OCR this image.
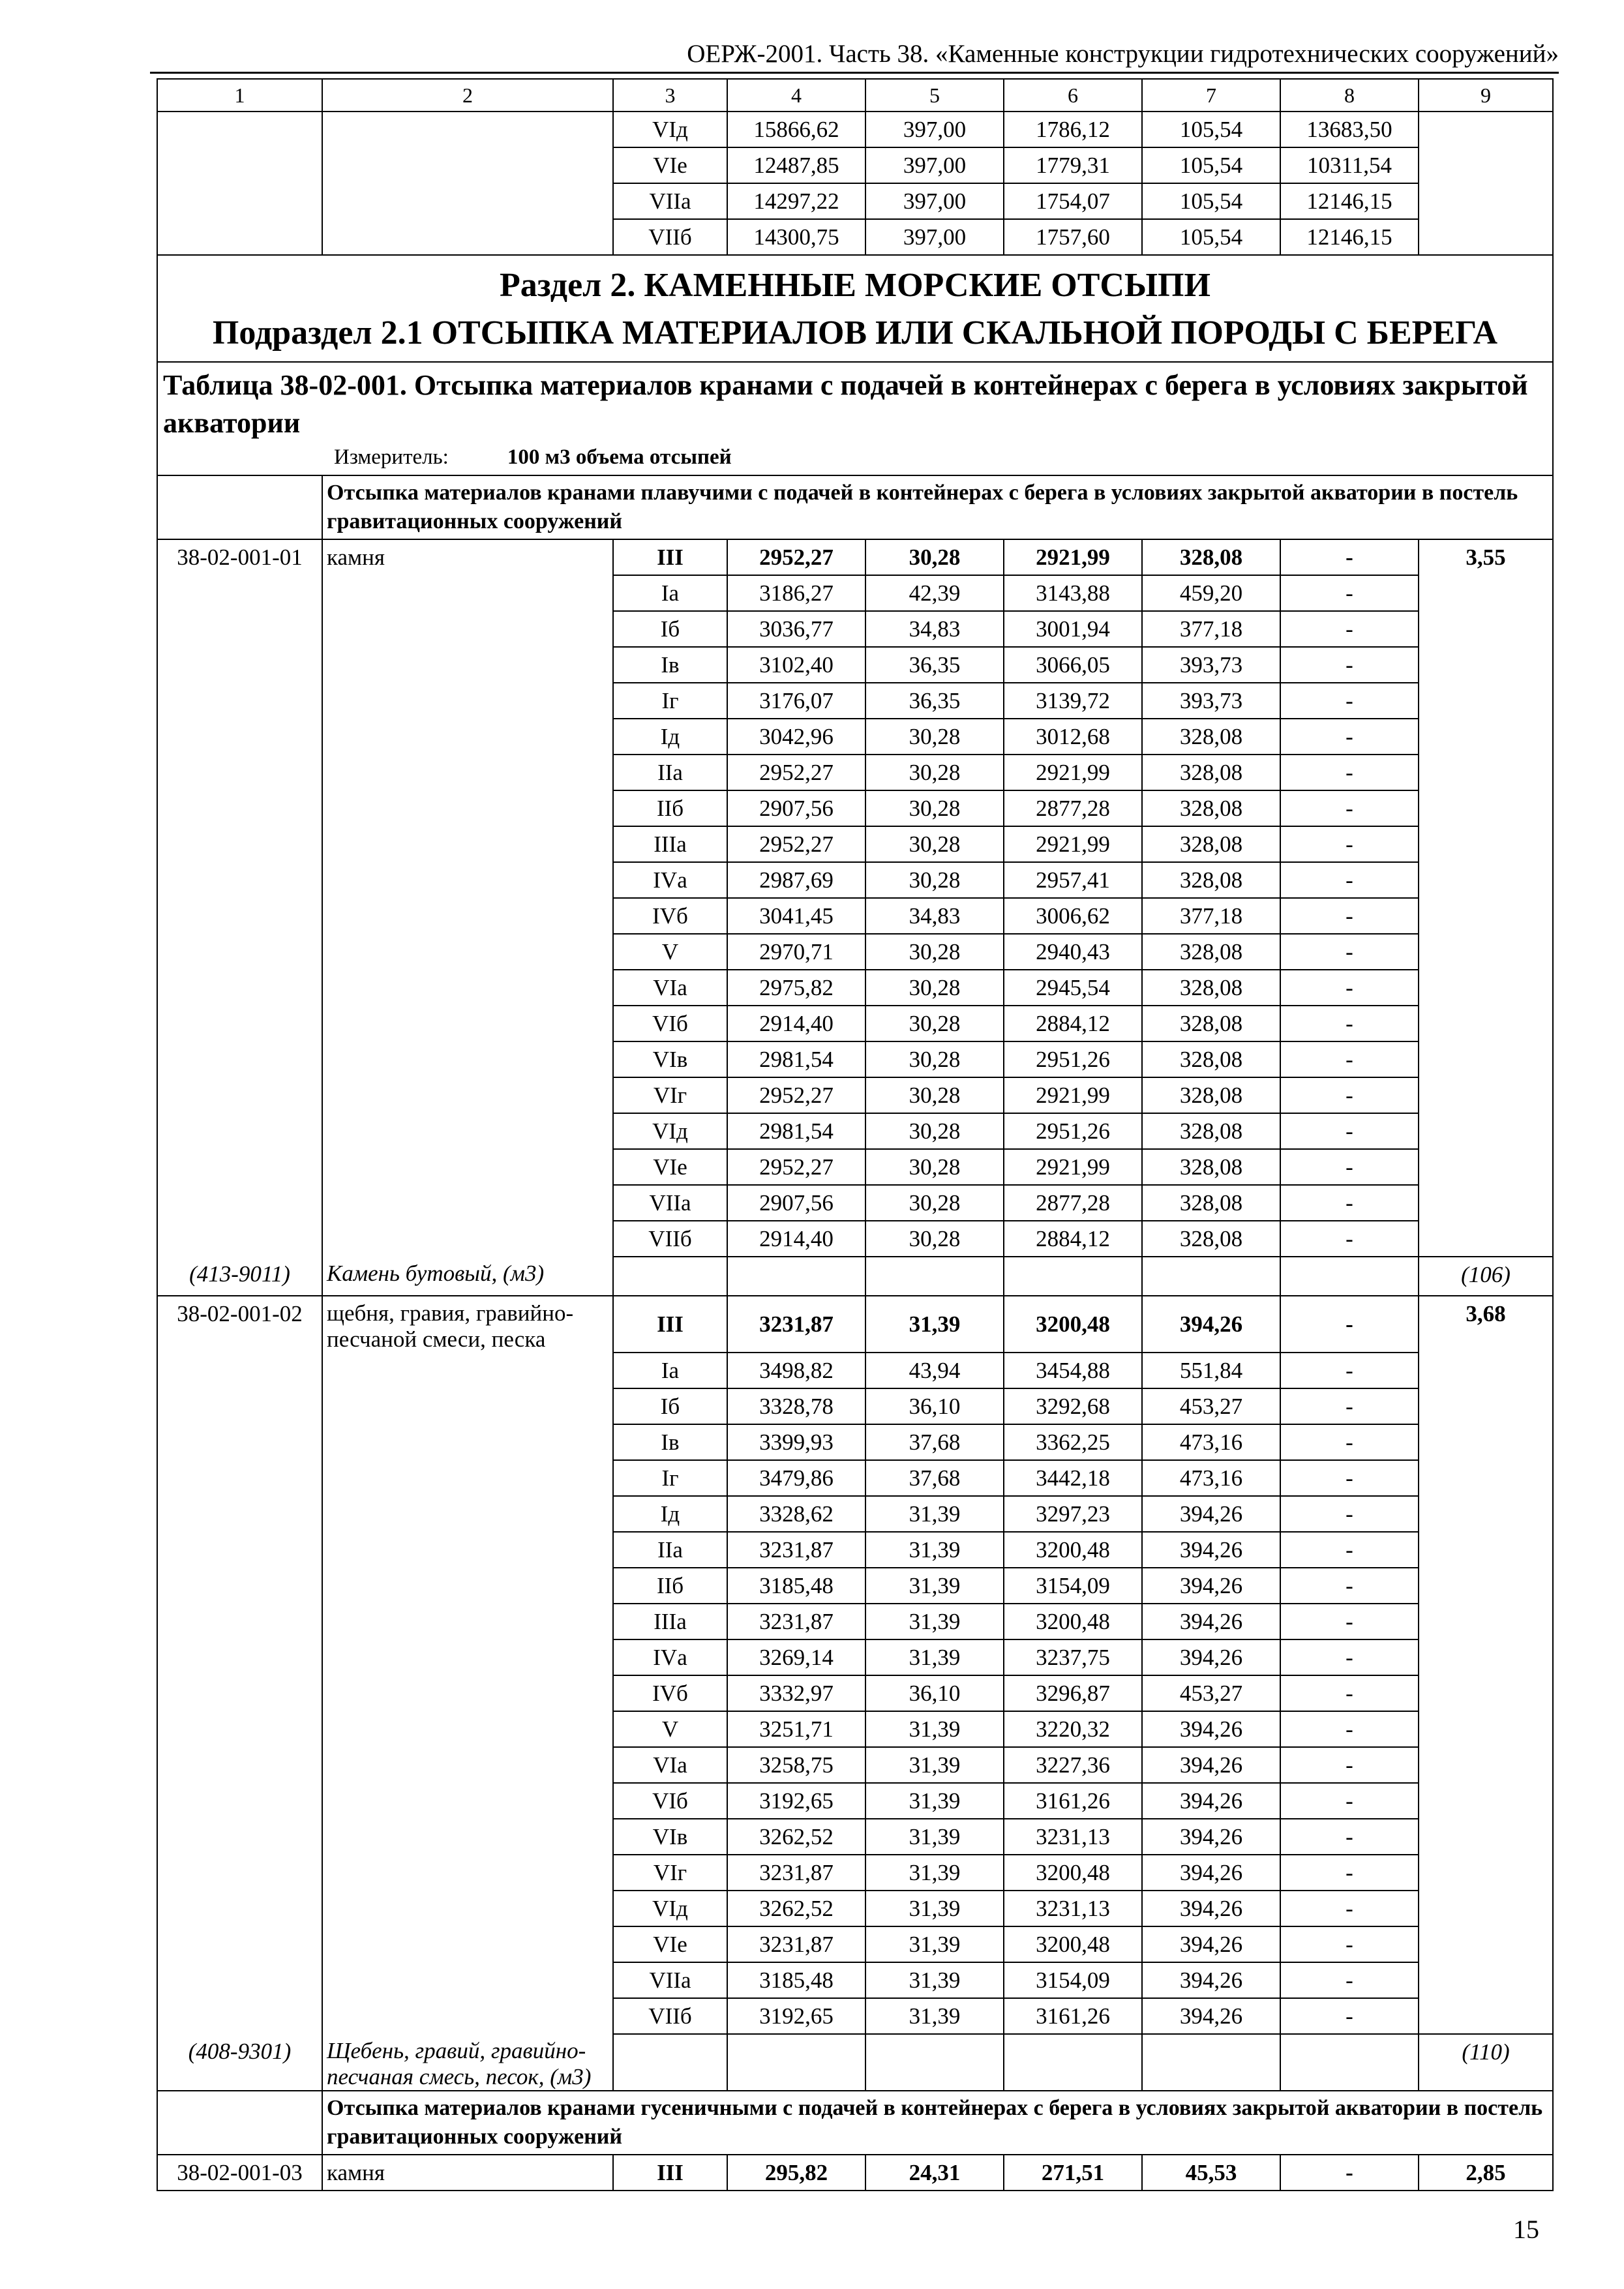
ОЕРЖ-2001. Часть 38. «Каменные конструкции гидротехнических сооружений»
1	2	3	4	5	6	7	8	9	
		VIд	15866,62	397,00	1786,12	105,54	13683,50		
		VIе	12487,85	397,00	1779,31	105,54	10311,54		
		VIIа	14297,22	397,00	1754,07	105,54	12146,15		
		VIIб	14300,75	397,00	1757,60	105,54	12146,15		

Раздел 2. КАМЕННЫЕ МОРСКИЕ ОТСЫПИ
Подраздел 2.1 ОТСЫПКА МАТЕРИАЛОВ ИЛИ СКАЛЬНОЙ ПОРОДЫ С БЕРЕГА									

Таблица 38-02-001. Отсыпка материалов кранами с подачей в контейнерах с берега в условиях закрытой акватории
Измеритель: 100 м3 объема отсыпей									

	Отсыпка материалов кранами плавучими с подачей в контейнерах с берега в условиях закрытой акватории в постель гравитационных сооружений								
38-02-001-01	камня	III	2952,27	30,28	2921,99	328,08	-	3,55	
		Iа	3186,27	42,39	3143,88	459,20	-		
		Iб	3036,77	34,83	3001,94	377,18	-		
		Iв	3102,40	36,35	3066,05	393,73	-		
		Iг	3176,07	36,35	3139,72	393,73	-		
		Iд	3042,96	30,28	3012,68	328,08	-		
		IIа	2952,27	30,28	2921,99	328,08	-		
		IIб	2907,56	30,28	2877,28	328,08	-		
		IIIа	2952,27	30,28	2921,99	328,08	-		
		IVа	2987,69	30,28	2957,41	328,08	-		
		IVб	3041,45	34,83	3006,62	377,18	-		
		V	2970,71	30,28	2940,43	328,08	-		
		VIа	2975,82	30,28	2945,54	328,08	-		
		VIб	2914,40	30,28	2884,12	328,08	-		
		VIв	2981,54	30,28	2951,26	328,08	-		
		VIг	2952,27	30,28	2921,99	328,08	-		
		VIд	2981,54	30,28	2951,26	328,08	-		
		VIе	2952,27	30,28	2921,99	328,08	-		
		VIIа	2907,56	30,28	2877,28	328,08	-		
		VIIб	2914,40	30,28	2884,12	328,08	-		
(413-9011)	Камень бутовый, (м3)							(106)	
38-02-001-02	щебня, гравия, гравийно-песчаной смеси, песка	III	3231,87	31,39	3200,48	394,26	-	3,68	
		Iа	3498,82	43,94	3454,88	551,84	-		
		Iб	3328,78	36,10	3292,68	453,27	-		
		Iв	3399,93	37,68	3362,25	473,16	-		
		Iг	3479,86	37,68	3442,18	473,16	-		
		Iд	3328,62	31,39	3297,23	394,26	-		
		IIа	3231,87	31,39	3200,48	394,26	-		
		IIб	3185,48	31,39	3154,09	394,26	-		
		IIIа	3231,87	31,39	3200,48	394,26	-		
		IVа	3269,14	31,39	3237,75	394,26	-		
		IVб	3332,97	36,10	3296,87	453,27	-		
		V	3251,71	31,39	3220,32	394,26	-		
		VIа	3258,75	31,39	3227,36	394,26	-		
		VIб	3192,65	31,39	3161,26	394,26	-		
		VIв	3262,52	31,39	3231,13	394,26	-		
		VIг	3231,87	31,39	3200,48	394,26	-		
		VIд	3262,52	31,39	3231,13	394,26	-		
		VIе	3231,87	31,39	3200,48	394,26	-		
		VIIа	3185,48	31,39	3154,09	394,26	-		
		VIIб	3192,65	31,39	3161,26	394,26	-		
(408-9301)	Щебень, гравий, гравийно-песчаная смесь, песок, (м3)							(110)	
	Отсыпка материалов кранами гусеничными с подачей в контейнерах с берега в условиях закрытой акватории в постель гравитационных сооружений								
38-02-001-03	камня	III	295,82	24,31	271,51	45,53	-	2,85	
15
